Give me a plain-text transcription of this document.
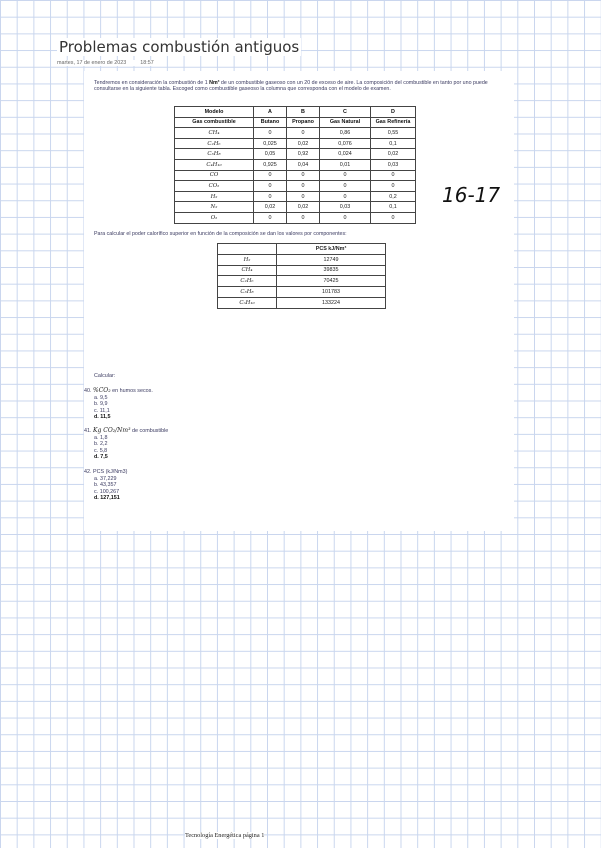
Problemas combustión antiguos
martes, 17 de enero de 2023	18:57
Tendremos en consideración la combustión de 1 Nm³ de un combustible gaseoso con un 20 de exceso de aire. La composición del combustible en tanto por uno puede consultarse en la siguiente tabla. Escoged como combustible gaseoso la columna que corresponda con el modelo de examen.
Modelo	A	B	C	D
Gas combustible	Butano	Propano	Gas Natural	Gas Refinería
CH₄	0	0	0,86	0,55
C₂H₆	0,025	0,02	0,076	0,1
C₃H₈	0,05	0,92	0,024	0,02
C₄H₁₀	0,925	0,04	0,01	0,03
CO	0	0	0	0
CO₂	0	0	0	0
H₂	0	0	0	0,2
N₂	0,02	0,02	0,03	0,1
O₂	0	0	0	0
Para calcular el poder calorífico superior en función de la composición se dan los valores por componentes:
	PCS kJ/Nm³
H₂	12749
CH₄	39835
C₂H₆	70425
C₃H₈	101783
CₙH₁₀	133224
Calcular:
40. %CO₂ en humos secos.
a. 9,5
b. 9,9
c. 11,1
d. 11,5
41. Kg CO₂/Nm³ de combustible
a. 1,8
b. 2,2
c. 5,8
d. 7,5
42. PCS (kJ/Nm3)
a. 37,229
b. 43,357
c. 100,267
d. 127,151
16-17
Tecnología Energética página 1
